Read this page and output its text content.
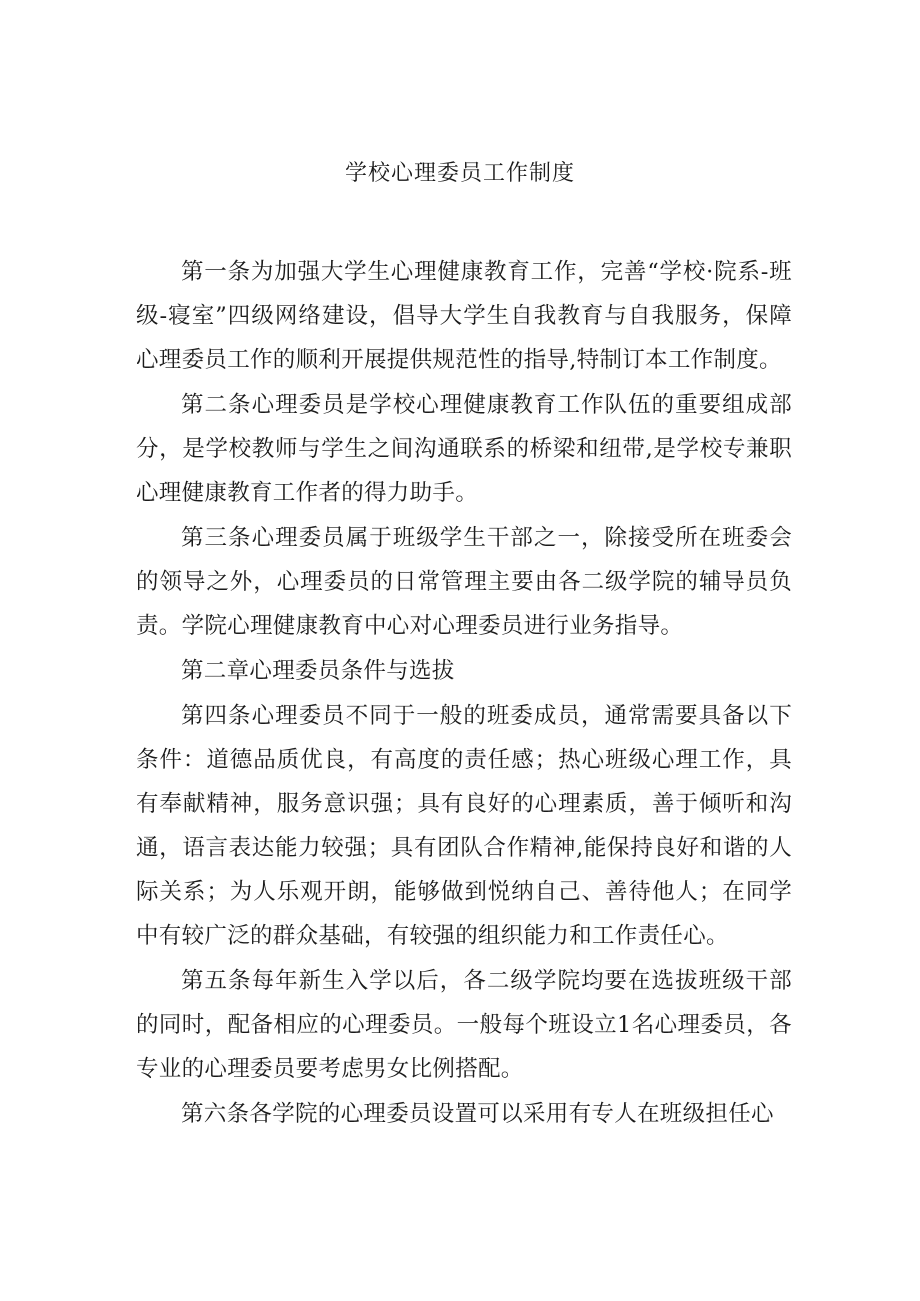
学校心理委员工作制度

第一条为加强大学生心理健康教育工作，完善“学校·院系-班级-寝室”四级网络建设，倡导大学生自我教育与自我服务，保障心理委员工作的顺利开展提供规范性的指导,特制订本工作制度。

第二条心理委员是学校心理健康教育工作队伍的重要组成部分，是学校教师与学生之间沟通联系的桥梁和纽带,是学校专兼职心理健康教育工作者的得力助手。

第三条心理委员属于班级学生干部之一，除接受所在班委会的领导之外，心理委员的日常管理主要由各二级学院的辅导员负责。学院心理健康教育中心对心理委员进行业务指导。

第二章心理委员条件与选拔

第四条心理委员不同于一般的班委成员，通常需要具备以下条件：道德品质优良，有高度的责任感；热心班级心理工作，具有奉献精神，服务意识强；具有良好的心理素质，善于倾听和沟通，语言表达能力较强；具有团队合作精神,能保持良好和谐的人际关系；为人乐观开朗，能够做到悦纳自己、善待他人；在同学中有较广泛的群众基础，有较强的组织能力和工作责任心。

第五条每年新生入学以后，各二级学院均要在选拔班级干部的同时，配备相应的心理委员。一般每个班设立1名心理委员，各专业的心理委员要考虑男女比例搭配。

第六条各学院的心理委员设置可以采用有专人在班级担任心
